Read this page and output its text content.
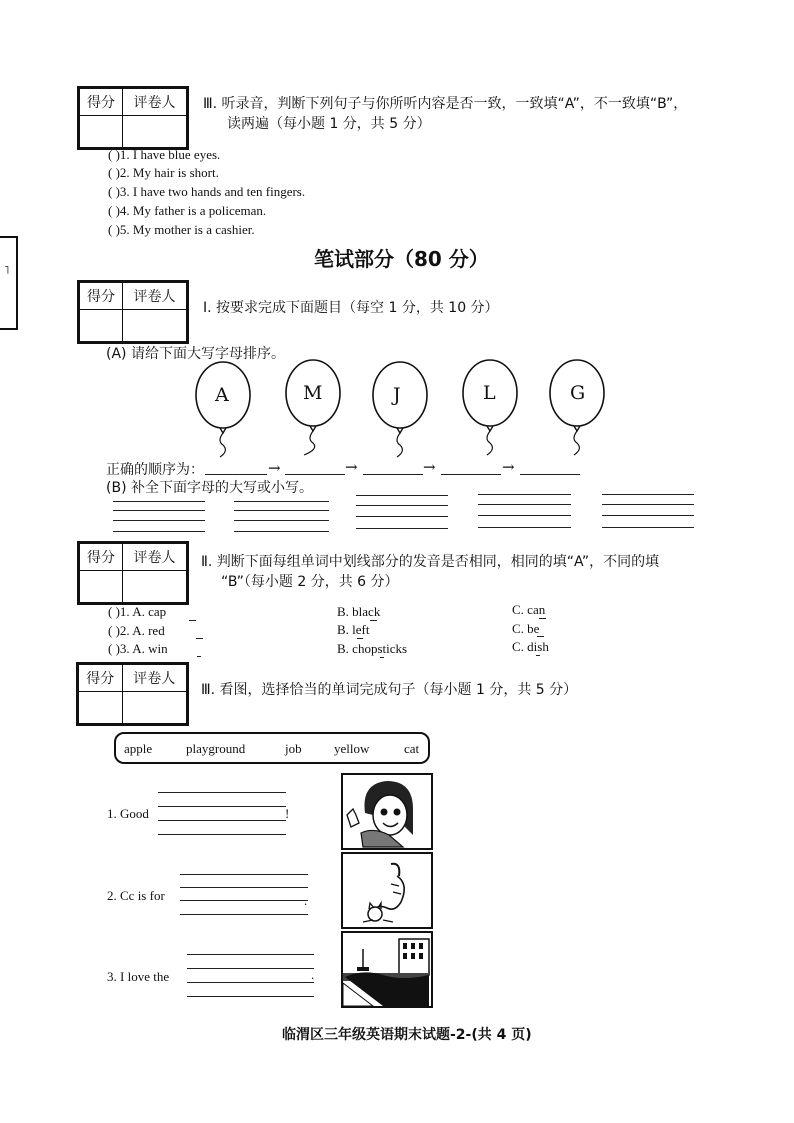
˥
得分	评卷人
	Ⅲ. 听录音，判断下列句子与你所听内容是否一致，一致填“A”，不一致填“B”，
读两遍（每小题 1 分，共 5 分）
( )1. I have blue eyes.
( )2. My hair is short.
( )3. I have two hands and ten fingers.
( )4. My father is a policeman.
( )5. My mother is a cashier.
笔试部分（80 分）
得分	评卷人

Ⅰ. 按要求完成下面题目（每空 1 分，共 10 分）
(A) 请给下面大写字母排序。
A	M	J	L	G
正确的顺序为：	→	→	→	→
(B) 补全下面字母的大写或小写。
得分	评卷人
	Ⅱ. 判断下面每组单词中划线部分的发音是否相同，相同的填“A”，不同的填
“B”（每小题 2 分，共 6 分）
( )1. A. cap	B. black	C. can
( )2. A. red	B. left	C. be
( )3. A. win	B. chopsticks	C. dish
得分	评卷人

Ⅲ. 看图，选择恰当的单词完成句子（每小题 1 分，共 5 分）
apple	playground	job yellow	cat
1. Good	!
2. Cc is for	.
3. I love the	.
临渭区三年级英语期末试题-2-(共 4 页)
